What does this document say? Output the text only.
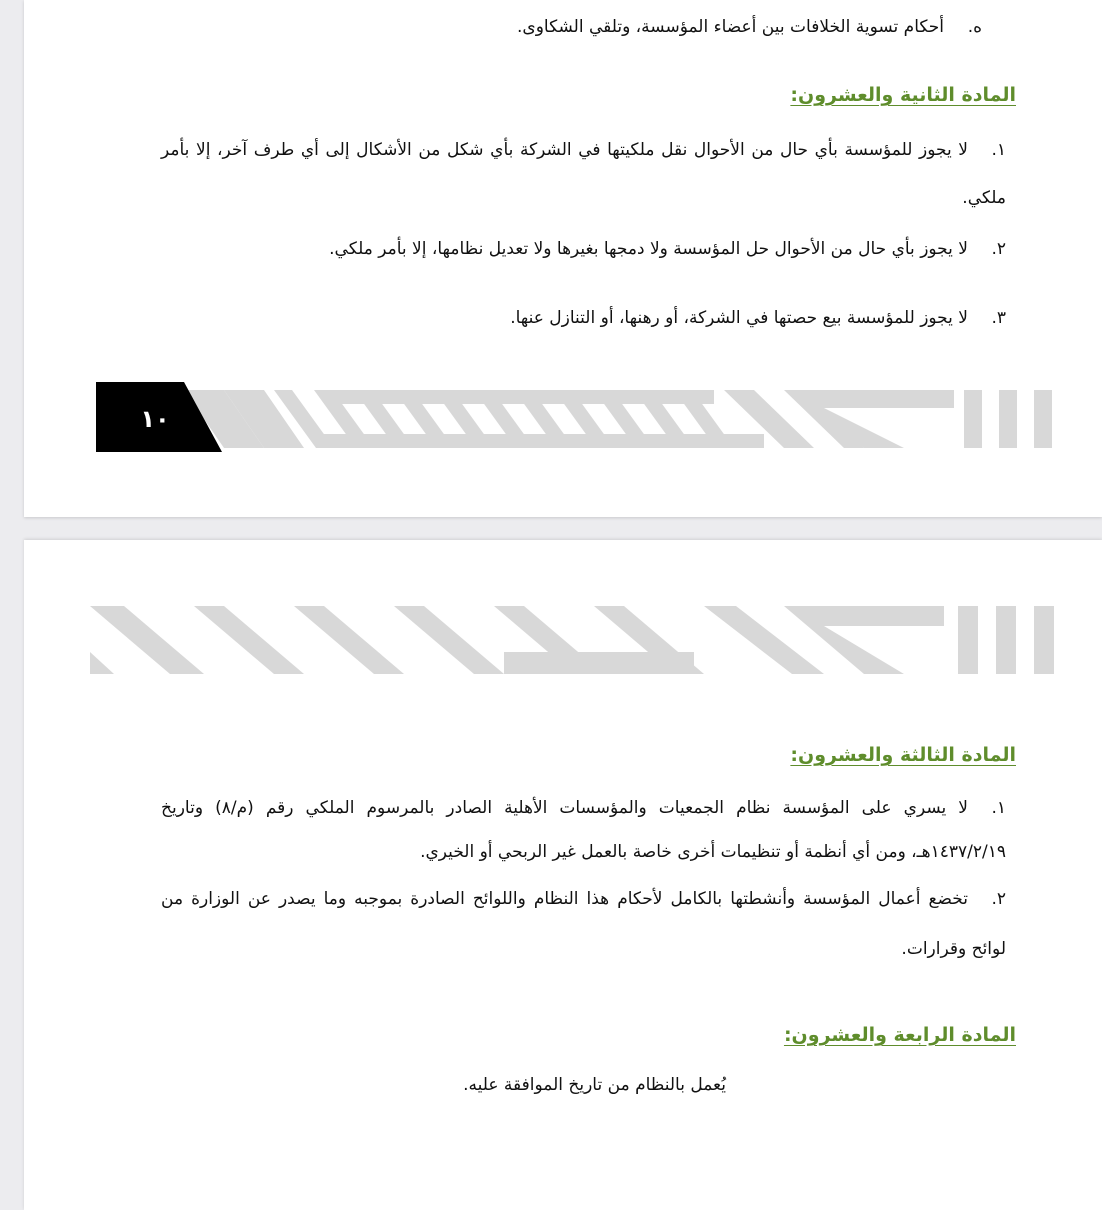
ه.أحكام تسوية الخلافات بين أعضاء المؤسسة، وتلقي الشكاوى.
المادة الثانية والعشرون:
١.لا يجوز للمؤسسة بأي حال من الأحوال نقل ملكيتها في الشركة بأي شكل من الأشكال إلى أي طرف آخر، إلا بأمر ملكي.
٢.لا يجوز بأي حال من الأحوال حل المؤسسة ولا دمجها بغيرها ولا تعديل نظامها، إلا بأمر ملكي.
٣.لا يجوز للمؤسسة بيع حصتها في الشركة، أو رهنها، أو التنازل عنها.
١٠
المادة الثالثة والعشرون:
١.لا يسري على المؤسسة نظام الجمعيات والمؤسسات الأهلية الصادر بالمرسوم الملكي رقم (م/٨) وتاريخ ١٤٣٧/٢/١٩هـ، ومن أي أنظمة أو تنظيمات أخرى خاصة بالعمل غير الربحي أو الخيري.
٢.تخضع أعمال المؤسسة وأنشطتها بالكامل لأحكام هذا النظام واللوائح الصادرة بموجبه وما يصدر عن الوزارة من لوائح وقرارات.
المادة الرابعة والعشرون:
يُعمل بالنظام من تاريخ الموافقة عليه.
